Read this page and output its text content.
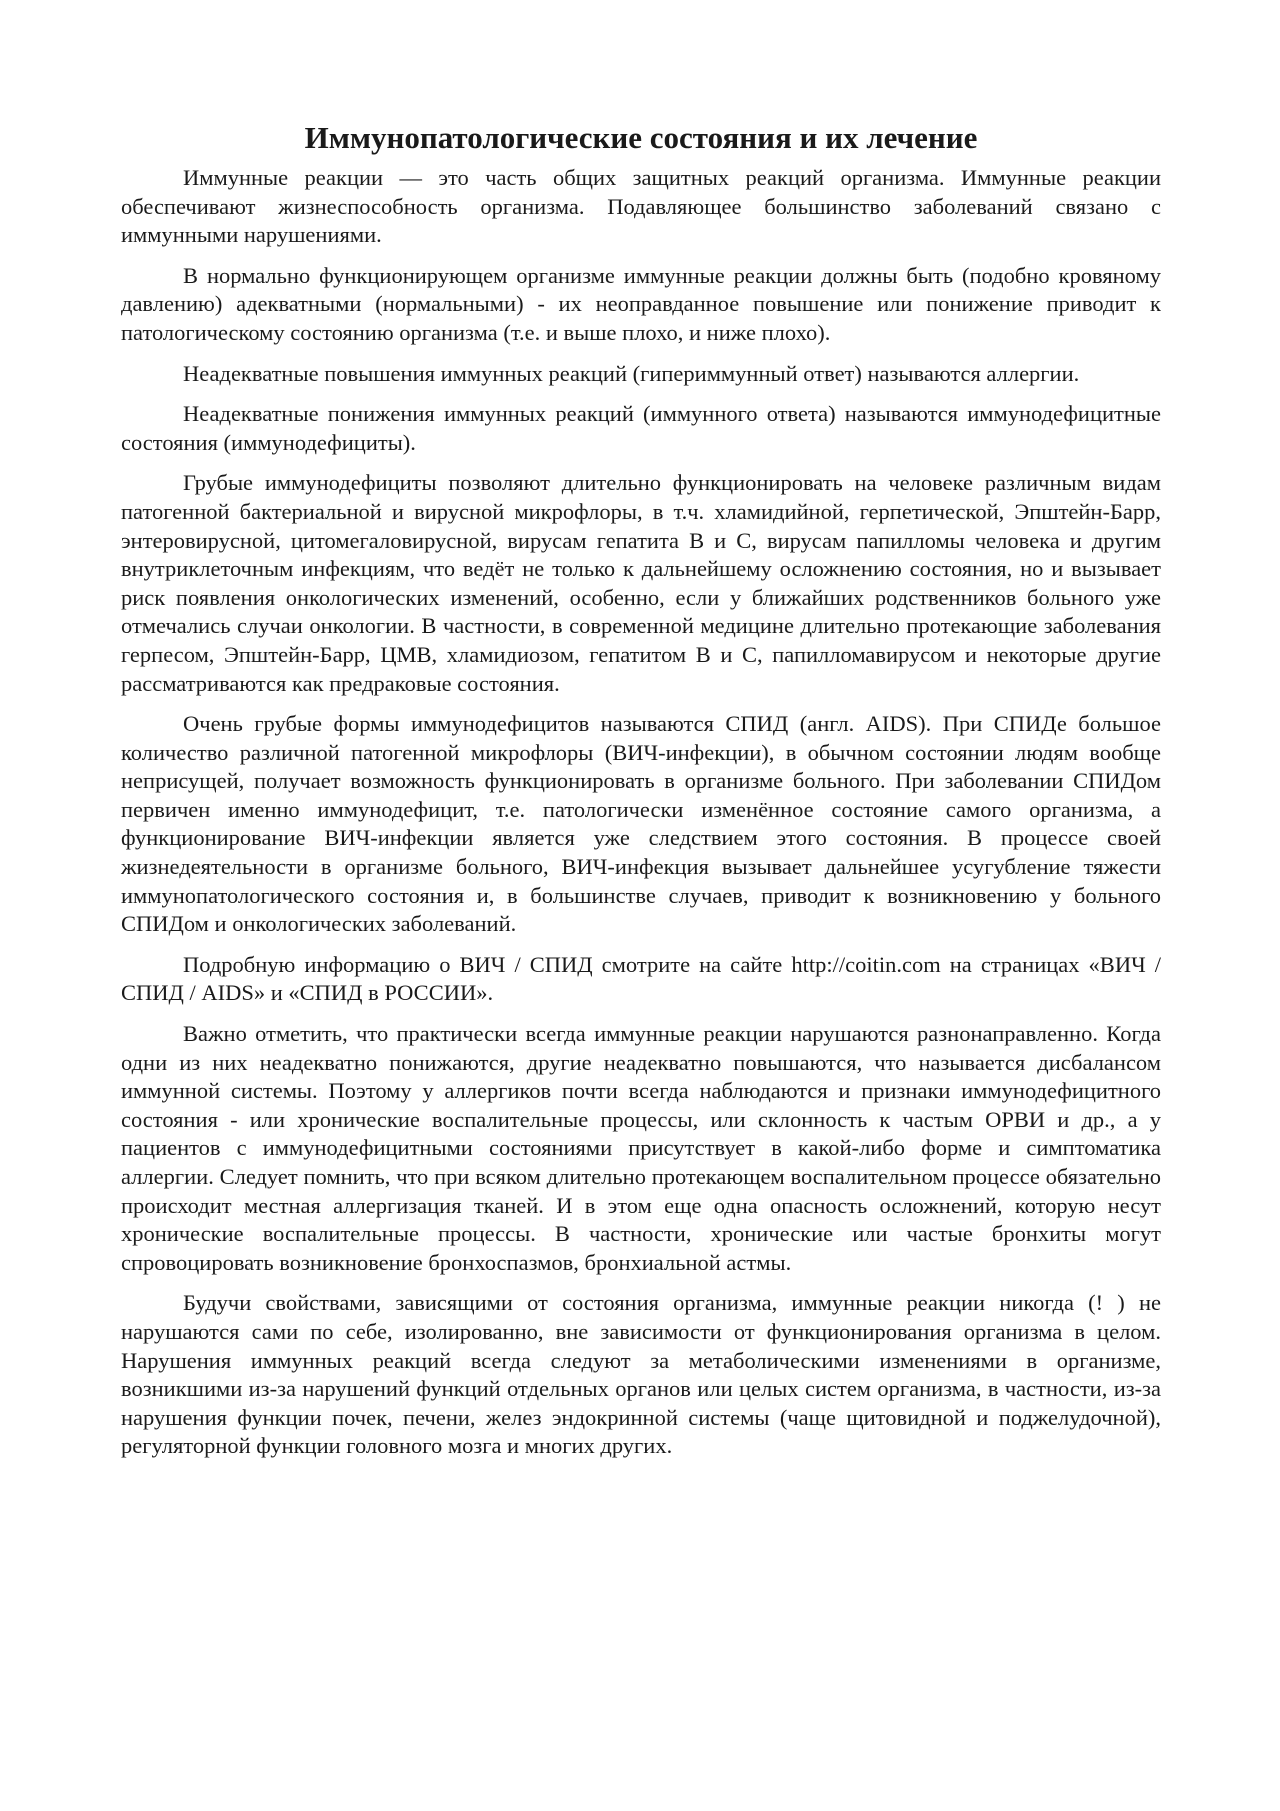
Иммунопатологические состояния и их лечение

Иммунные реакции — это часть общих защитных реакций организма. Иммунные реакции обеспечивают жизнеспособность организма. Подавляющее большинство заболеваний связано с иммунными нарушениями.

В нормально функционирующем организме иммунные реакции должны быть (подобно кровяному давлению) адекватными (нормальными) - их неоправданное повышение или понижение приводит к патологическому состоянию организма (т.е. и выше плохо, и ниже плохо).

Неадекватные повышения иммунных реакций (гипериммунный ответ) называются аллергии.

Неадекватные понижения иммунных реакций (иммунного ответа) называются иммунодефицитные состояния (иммунодефициты).

Грубые иммунодефициты позволяют длительно функционировать на человеке различным видам патогенной бактериальной и вирусной микрофлоры, в т.ч. хламидийной, герпетической, Эпштейн-Барр, энтеровирусной, цитомегаловирусной, вирусам гепатита В и С, вирусам папилломы человека и другим внутриклеточным инфекциям, что ведёт не только к дальнейшему осложнению состояния, но и вызывает риск появления онкологических изменений, особенно, если у ближайших родственников больного уже отмечались случаи онкологии. В частности, в современной медицине длительно протекающие заболевания герпесом, Эпштейн-Барр, ЦМВ, хламидиозом, гепатитом В и С, папилломавирусом и некоторые другие рассматриваются как предраковые состояния.

Очень грубые формы иммунодефицитов называются СПИД (англ. AIDS). При СПИДе большое количество различной патогенной микрофлоры (ВИЧ-инфекции), в обычном состоянии людям вообще неприсущей, получает возможность функционировать в организме больного. При заболевании СПИДом первичен именно иммунодефицит, т.е. патологически изменённое состояние самого организма, а функционирование ВИЧ-инфекции является уже следствием этого состояния. В процессе своей жизнедеятельности в организме больного, ВИЧ-инфекция вызывает дальнейшее усугубление тяжести иммунопатологического состояния и, в большинстве случаев, приводит к возникновению у больного СПИДом и онкологических заболеваний.

Подробную информацию о ВИЧ / СПИД смотрите на сайте http://coitin.com на страницах «ВИЧ / СПИД / AIDS» и «СПИД в РОССИИ».

Важно отметить, что практически всегда иммунные реакции нарушаются разнонаправленно. Когда одни из них неадекватно понижаются, другие неадекватно повышаются, что называется дисбалансом иммунной системы. Поэтому у аллергиков почти всегда наблюдаются и признаки иммунодефицитного состояния - или хронические воспалительные процессы, или склонность к частым ОРВИ и др., а у пациентов с иммунодефицитными состояниями присутствует в какой-либо форме и симптоматика аллергии. Следует помнить, что при всяком длительно протекающем воспалительном процессе обязательно происходит местная аллергизация тканей. И в этом еще одна опасность осложнений, которую несут хронические воспалительные процессы. В частности, хронические или частые бронхиты могут спровоцировать возникновение бронхоспазмов, бронхиальной астмы.

Будучи свойствами, зависящими от состояния организма, иммунные реакции никогда (! ) не нарушаются сами по себе, изолированно, вне зависимости от функционирования организма в целом. Нарушения иммунных реакций всегда следуют за метаболическими изменениями в организме, возникшими из-за нарушений функций отдельных органов или целых систем организма, в частности, из-за нарушения функции почек, печени, желез эндокринной системы (чаще щитовидной и поджелудочной), регуляторной функции головного мозга и многих других.
